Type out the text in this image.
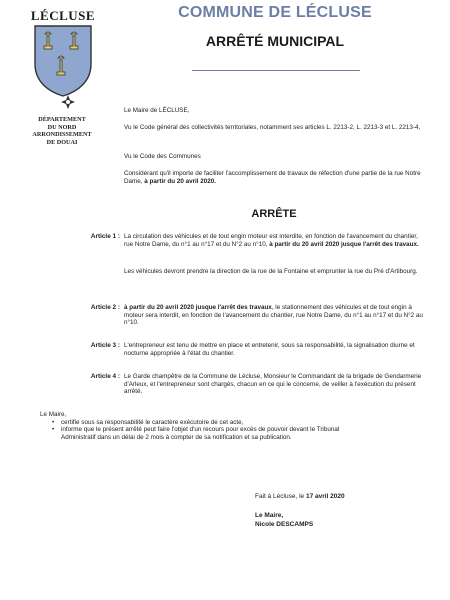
LÉCLUSE
DÉPARTEMENT
DU NORD
ARRONDISSEMENT
DE DOUAI
COMMUNE DE LÉCLUSE
ARRÊTÉ MUNICIPAL
Le Maire de LÉCLUSE,
Vu le Code général des collectivités territoriales, notamment ses articles L. 2213-2, L. 2213-3 et L. 2213-4,
Vu le Code des Communes
Considérant qu'il importe de faciliter l'accomplissement de travaux de réfection d'une partie de la rue Notre Dame, à partir du 20 avril 2020.
ARRÊTE
Article 1 : La circulation des véhicules et de tout engin moteur est interdite, en fonction de l'avancement du chantier, rue Notre Dame, du n°1 au n°17 et du N°2 au n°10, à partir du 20 avril 2020 jusque l'arrêt des travaux.
Les véhicules devront prendre la direction de la rue de la Fontaine et emprunter la rue du Pré d'Artibourg.
Article 2 : à partir du 20 avril 2020 jusque l'arrêt des travaux, le stationnement des véhicules et de tout engin à moteur sera interdit, en fonction de l'avancement du chantier, rue Notre Dame, du n°1 au n°17 et du N°2 au n°10.
Article 3 : L'entrepreneur est tenu de mettre en place et entretenir, sous sa responsabilité, la signalisation diurne et nocturne appropriée à l'état du chantier.
Article 4 : Le Garde champêtre de la Commune de Lécluse, Monsieur le Commandant de la brigade de Gendarmerie d'Arleux, et l'entrepreneur sont chargés, chacun en ce qui le concerne, de veiller à l'exécution du présent arrêté.
Le Maire,
• certifie sous sa responsabilité le caractère exécutoire de cet acte,
• informe que le présent arrêté peut faire l'objet d'un recours pour excès de pouvoir devant le Tribunal Administratif dans un délai de 2 mois à compter de sa notification et sa publication.
Fait à Lécluse, le 17 avril 2020
Le Maire,
Nicole DESCAMPS
